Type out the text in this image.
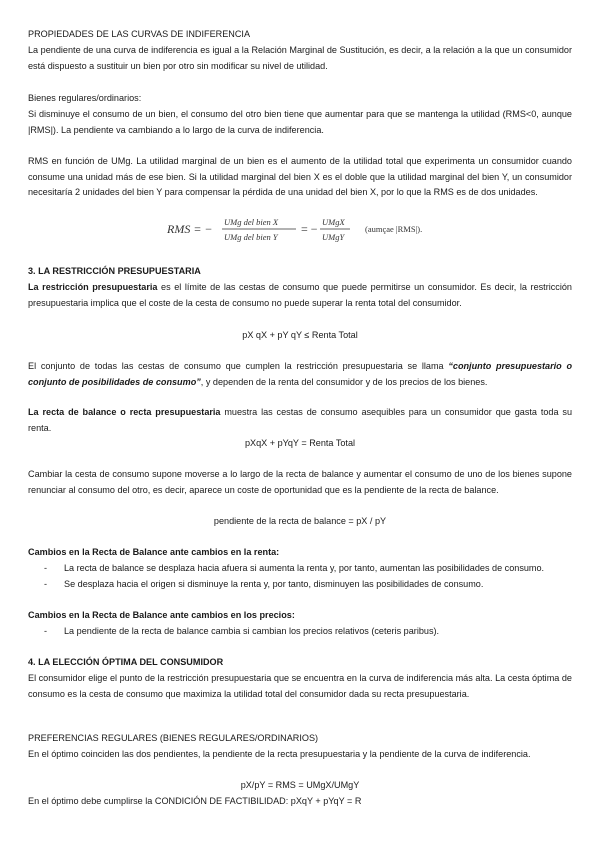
PROPIEDADES DE LAS CURVAS DE INDIFERENCIA

La pendiente de una curva de indiferencia es igual a la Relación Marginal de Sustitución, es decir, a la relación a la que un consumidor está dispuesto a sustituir un bien por otro sin modificar su nivel de utilidad.

Bienes regulares/ordinarios:

Si disminuye el consumo de un bien, el consumo del otro bien tiene que aumentar para que se mantenga la utilidad (RMS<0, aunque |RMS|). La pendiente va cambiando a lo largo de la curva de indiferencia.

RMS en función de UMg. La utilidad marginal de un bien es el aumento de la utilidad total que experimenta un consumidor cuando consume una unidad más de ese bien. Si la utilidad marginal del bien X es el doble que la utilidad marginal del bien Y, un consumidor necesitaría 2 unidades del bien Y para compensar la pérdida de una unidad del bien X, por lo que la RMS es de dos unidades.

RMS = − UMg del bien X
UMg del bien Y
= − UMgX
UMgY
(aumçae |RMS|).

3. LA RESTRICCIÓN PRESUPUESTARIA

La restricción presupuestaria es el límite de las cestas de consumo que puede permitirse un consumidor. Es decir, la restricción presupuestaria implica que el coste de la cesta de consumo no puede superar la renta total del consumidor.

pX qX + pY qY ≤ Renta Total

El conjunto de todas las cestas de consumo que cumplen la restricción presupuestaria se llama “conjunto presupuestario o conjunto de posibilidades de consumo”, y dependen de la renta del consumidor y de los precios de los bienes.

La recta de balance o recta presupuestaria muestra las cestas de consumo asequibles para un consumidor que gasta toda su renta.

pXqX + pYqY = Renta Total

Cambiar la cesta de consumo supone moverse a lo largo de la recta de balance y aumentar el consumo de uno de los bienes supone renunciar al consumo del otro, es decir, aparece un coste de oportunidad que es la pendiente de la recta de balance.

pendiente de la recta de balance = pX / pY

Cambios en la Recta de Balance ante cambios en la renta:

- La recta de balance se desplaza hacia afuera si aumenta la renta y, por tanto, aumentan las posibilidades de consumo.
- Se desplaza hacia el origen si disminuye la renta y, por tanto, disminuyen las posibilidades de consumo.

Cambios en la Recta de Balance ante cambios en los precios:

- La pendiente de la recta de balance cambia si cambian los precios relativos (ceteris paribus).

4. LA ELECCIÓN ÓPTIMA DEL CONSUMIDOR

El consumidor elige el punto de la restricción presupuestaria que se encuentra en la curva de indiferencia más alta. La cesta óptima de consumo es la cesta de consumo que maximiza la utilidad total del consumidor dada su recta presupuestaria.

PREFERENCIAS REGULARES (BIENES REGULARES/ORDINARIOS)

En el óptimo coinciden las dos pendientes, la pendiente de la recta presupuestaria y la pendiente de la curva de indiferencia.

pX/pY = RMS = UMgX/UMgY

En el óptimo debe cumplirse la CONDICIÓN DE FACTIBILIDAD: pXqY + pYqY = R
